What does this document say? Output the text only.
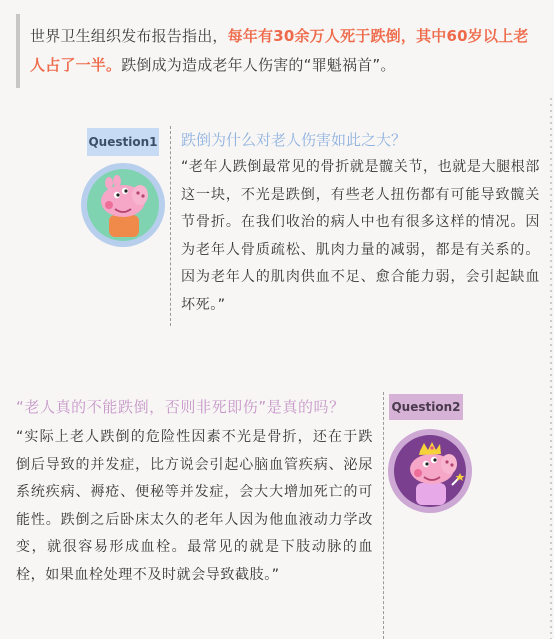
世界卫生组织发布报告指出，每年有30余万人死于跌倒，其中60岁以上老人占了一半。跌倒成为造成老年人伤害的“罪魁祸首”。
Question1 跌倒为什么对老人伤害如此之大？
“老年人跌倒最常见的骨折就是髋关节，也就是大腿根部这一块，不光是跌倒，有些老人扭伤都有可能导致髋关节骨折。在我们收治的病人中也有很多这样的情况。因为老年人骨质疏松、肌肉力量的减弱，都是有关系的。因为老年人的肌肉供血不足、愈合能力弱，会引起缺血坏死。”
“老人真的不能跌倒，否则非死即伤”是真的吗？
“实际上老人跌倒的危险性因素不光是骨折，还在于跌倒后导致的并发症，比方说会引起心脑血管疾病、泌尿系统疾病、褥疮、便秘等并发症，会大大增加死亡的可能性。跌倒之后卧床太久的老年人因为他血液动力学改变，就很容易形成血栓。最常见的就是下肢动脉的血栓，如果血栓处理不及时就会导致截肢。”
Question2
